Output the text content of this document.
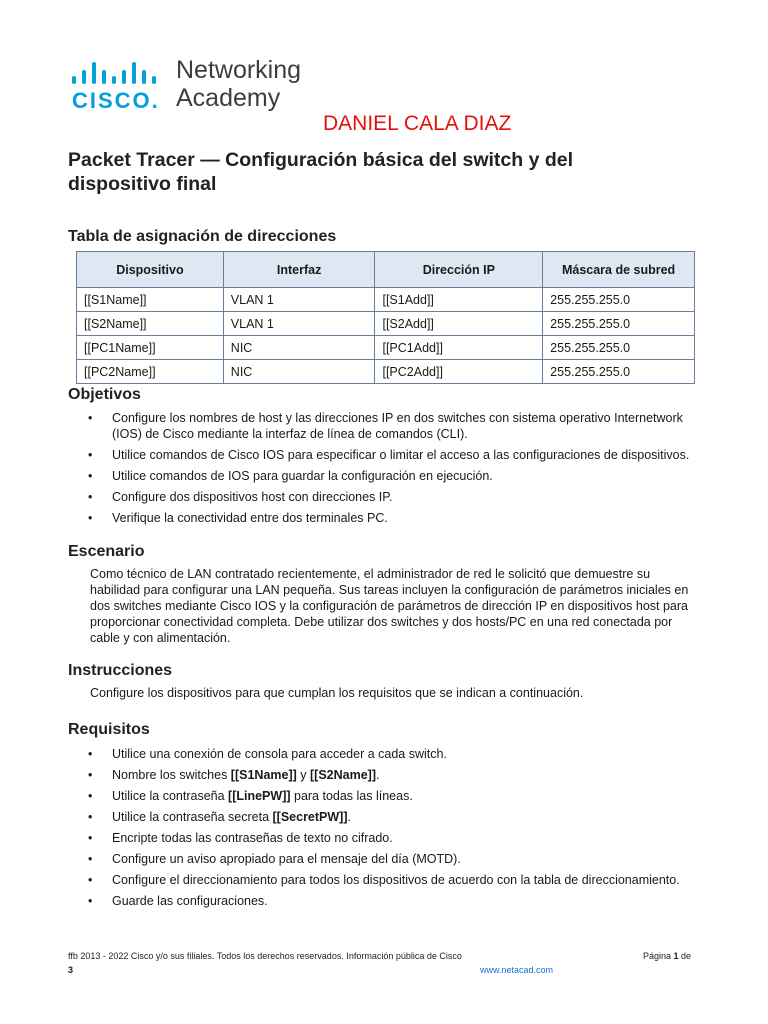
CISCO.
Networking
Academy
DANIEL CALA DIAZ
Packet Tracer — Configuración básica del switch y del dispositivo final
Tabla de asignación de direcciones
Dispositivo	Interfaz	Dirección IP	Máscara de subred
[[S1Name]]	VLAN 1	[[S1Add]]	255.255.255.0
[[S2Name]]	VLAN 1	[[S2Add]]	255.255.255.0
[[PC1Name]]	NIC	[[PC1Add]]	255.255.255.0
[[PC2Name]]	NIC	[[PC2Add]]	255.255.255.0
Objetivos
• Configure los nombres de host y las direcciones IP en dos switches con sistema operativo Internetwork (IOS) de Cisco mediante la interfaz de línea de comandos (CLI).
• Utilice comandos de Cisco IOS para especificar o limitar el acceso a las configuraciones de dispositivos.
• Utilice comandos de IOS para guardar la configuración en ejecución.
• Configure dos dispositivos host con direcciones IP.
• Verifique la conectividad entre dos terminales PC.
Escenario
Como técnico de LAN contratado recientemente, el administrador de red le solicitó que demuestre su habilidad para configurar una LAN pequeña. Sus tareas incluyen la configuración de parámetros iniciales en dos switches mediante Cisco IOS y la configuración de parámetros de dirección IP en dispositivos host para proporcionar conectividad completa. Debe utilizar dos switches y dos hosts/PC en una red conectada por cable y con alimentación.
Instrucciones
Configure los dispositivos para que cumplan los requisitos que se indican a continuación.
Requisitos
• Utilice una conexión de consola para acceder a cada switch.
• Nombre los switches [[S1Name]] y [[S2Name]].
• Utilice la contraseña [[LinePW]] para todas las líneas.
• Utilice la contraseña secreta [[SecretPW]].
• Encripte todas las contraseñas de texto no cifrado.
• Configure un aviso apropiado para el mensaje del día (MOTD).
• Configure el direccionamiento para todos los dispositivos de acuerdo con la tabla de direccionamiento.
• Guarde las configuraciones.
ffb 2013 - 2022 Cisco y/o sus filiales. Todos los derechos reservados. Información pública de Cisco	Página 1 de
3	www.netacad.com
